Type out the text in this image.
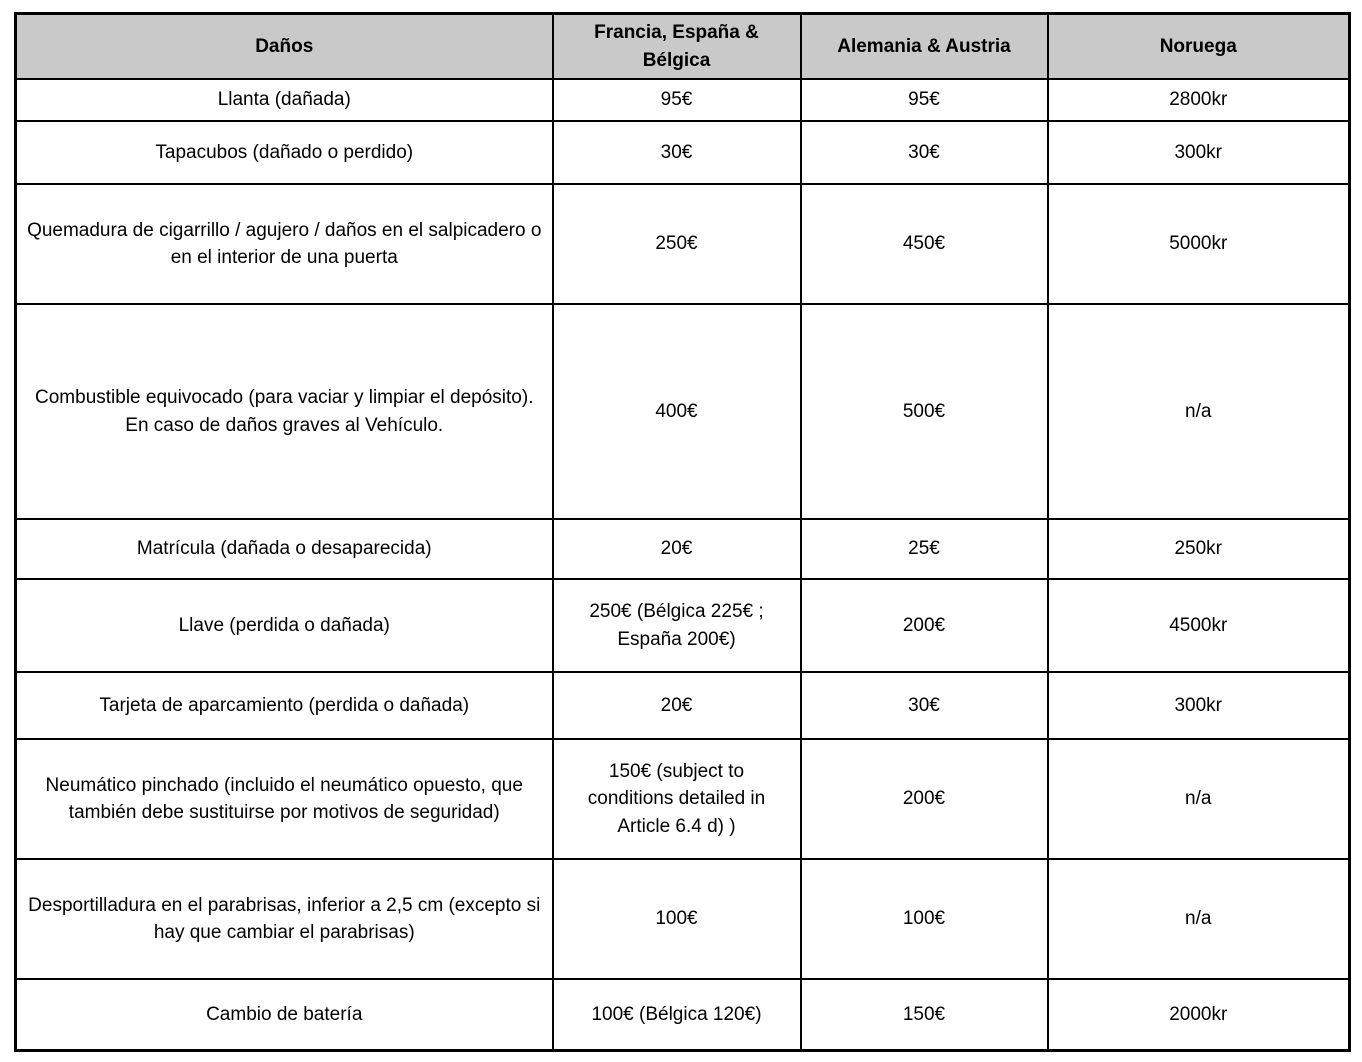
Daños	Francia, España & Bélgica	Alemania & Austria	Noruega
Llanta (dañada)	95€	95€	2800kr
Tapacubos (dañado o perdido)	30€	30€	300kr
Quemadura de cigarrillo / agujero / daños en el salpicadero o en el interior de una puerta	250€	450€	5000kr
Combustible equivocado (para vaciar y limpiar el depósito). En caso de daños graves al Vehículo.	400€	500€	n/a
Matrícula (dañada o desaparecida)	20€	25€	250kr
Llave (perdida o dañada)	250€ (Bélgica 225€ ; España 200€)	200€	4500kr
Tarjeta de aparcamiento (perdida o dañada)	20€	30€	300kr
Neumático pinchado (incluido el neumático opuesto, que también debe sustituirse por motivos de seguridad)	150€ (subject to conditions detailed in Article 6.4 d) )	200€	n/a
Desportilladura en el parabrisas, inferior a 2,5 cm (excepto si hay que cambiar el parabrisas)	100€	100€	n/a
Cambio de batería	100€ (Bélgica 120€)	150€	2000kr
